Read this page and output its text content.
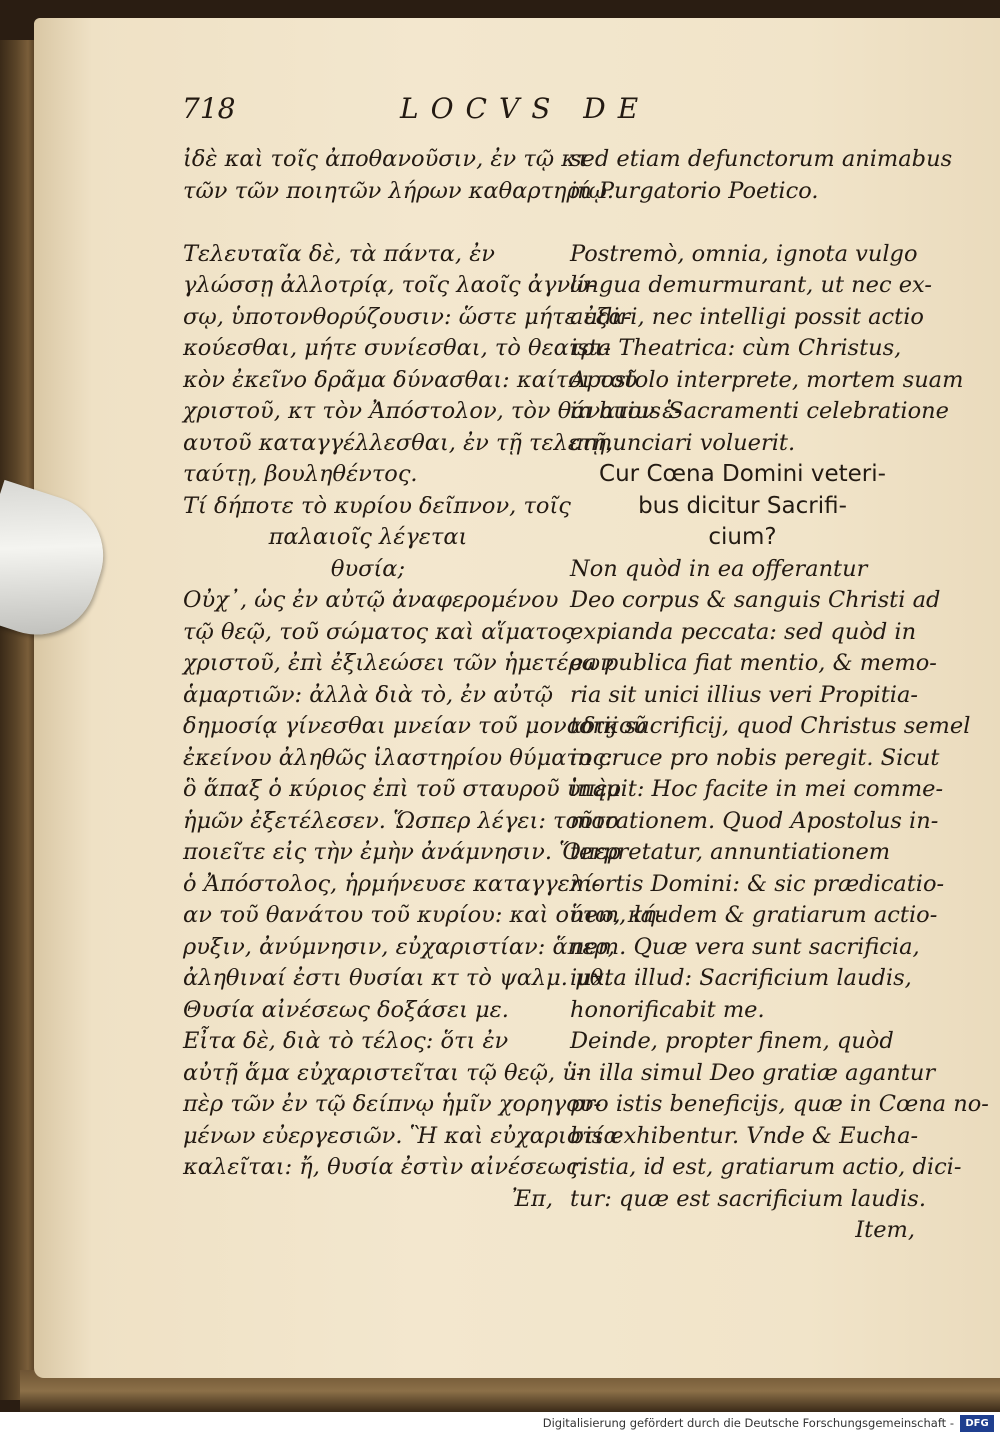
718	LOCVS DE
ἰδὲ καὶ τοῖς ἀποθανοῦσιν, ἐν τῷ κτ
τῶν τῶν ποιητῶν λήρων καθαρτηρίῳ.
Τελευταῖα δὲ, τὰ πάντα, ἐν
γλώσσῃ ἀλλοτρίᾳ, τοῖς λαοῖς ἀγνώ-
σῳ, ὑποτονθορύζουσιν: ὥστε μήτε ἐξα-
κούεσθαι, μήτε συνίεσθαι, τὸ θεατρι-
κὸν ἐκεῖνο δρᾶμα δύνασθαι: καίτοι τοῦ
χριστοῦ, κτ τὸν Ἀπόστολον, τὸν θάνατον ἑ-
αυτοῦ καταγγέλλεσθαι, ἐν τῇ τελετῇ,
ταύτῃ, βουληθέντος.
Τί δήποτε τὸ κυρίου δεῖπνον, τοῖς
παλαιοῖς λέγεται
θυσία;
Οὐχ᾽, ὡς ἐν αὐτῷ ἀναφερομένου
τῷ θεῷ, τοῦ σώματος καὶ αἵματος
χριστοῦ, ἐπὶ ἐξιλεώσει τῶν ἡμετέρων
ἁμαρτιῶν: ἀλλὰ διὰ τὸ, ἐν αὐτῷ
δημοσίᾳ γίνεσθαι μνείαν τοῦ μοναδικοῦ
ἐκείνου ἀληθῶς ἱλαστηρίου θύματος:
ὃ ἅπαξ ὁ κύριος ἐπὶ τοῦ σταυροῦ ὑπὲρ
ἡμῶν ἐξετέλεσεν. Ὥσπερ λέγει: τοῦτο
ποιεῖτε εἰς τὴν ἐμὴν ἀνάμνησιν. Ὅπερ
ὁ Ἀπόστολος, ἡρμήνευσε καταγγελί-
αν τοῦ θανάτου τοῦ κυρίου: καὶ οὕτω, κή-
ρυξιν, ἀνύμνησιν, εὐχαριστίαν: ἅπερ,
ἀληθιναί ἐστι θυσίαι κτ τὸ ψαλμ. μθ.
Θυσία αἰνέσεως δοξάσει με.
Εἶτα δὲ, διὰ τὸ τέλος: ὅτι ἐν
αὐτῇ ἅμα εὐχαριστεῖται τῷ θεῷ, ὑ-
πὲρ τῶν ἐν τῷ δείπνῳ ἡμῖν χορηγου-
μένων εὐεργεσιῶν. Ἣ καὶ εὐχαριστία
καλεῖται: ἤ, θυσία ἐστὶν αἰνέσεως.
Ἐπ,
sed etiam defunctorum animabus
in Purgatorio Poetico.
Postremò, omnia, ignota vulgo
lingua demurmurant, ut nec ex-
audiri, nec intelligi possit actio
ista Theatrica: cùm Christus,
Apostolo interprete, mortem suam
in huius Sacramenti celebratione
annunciari voluerit.
Cur Cœna Domini veteri-
bus dicitur Sacrifi-
cium?
Non quòd in ea offerantur
Deo corpus & sanguis Christi ad
expianda peccata: sed quòd in
ea publica fiat mentio, & memo-
ria sit unici illius veri Propitia-
torij sacrificij, quod Christus semel
in cruce pro nobis peregit. Sicut
inquit: Hoc facite in mei comme-
morationem. Quod Apostolus in-
terpretatur, annuntiationem
mortis Domini: & sic prædicatio-
nem, laudem & gratiarum actio-
nem. Quæ vera sunt sacrificia,
iuxta illud: Sacrificium laudis,
honorificabit me.
Deinde, propter finem, quòd
in illa simul Deo gratiæ agantur
pro istis beneficijs, quæ in Cœna no-
bis exhibentur. Vnde & Eucha-
ristia, id est, gratiarum actio, dici-
tur: quæ est sacrificium laudis.
Item,
Digitalisierung gefördert durch die Deutsche Forschungsgemeinschaft -	DFG
